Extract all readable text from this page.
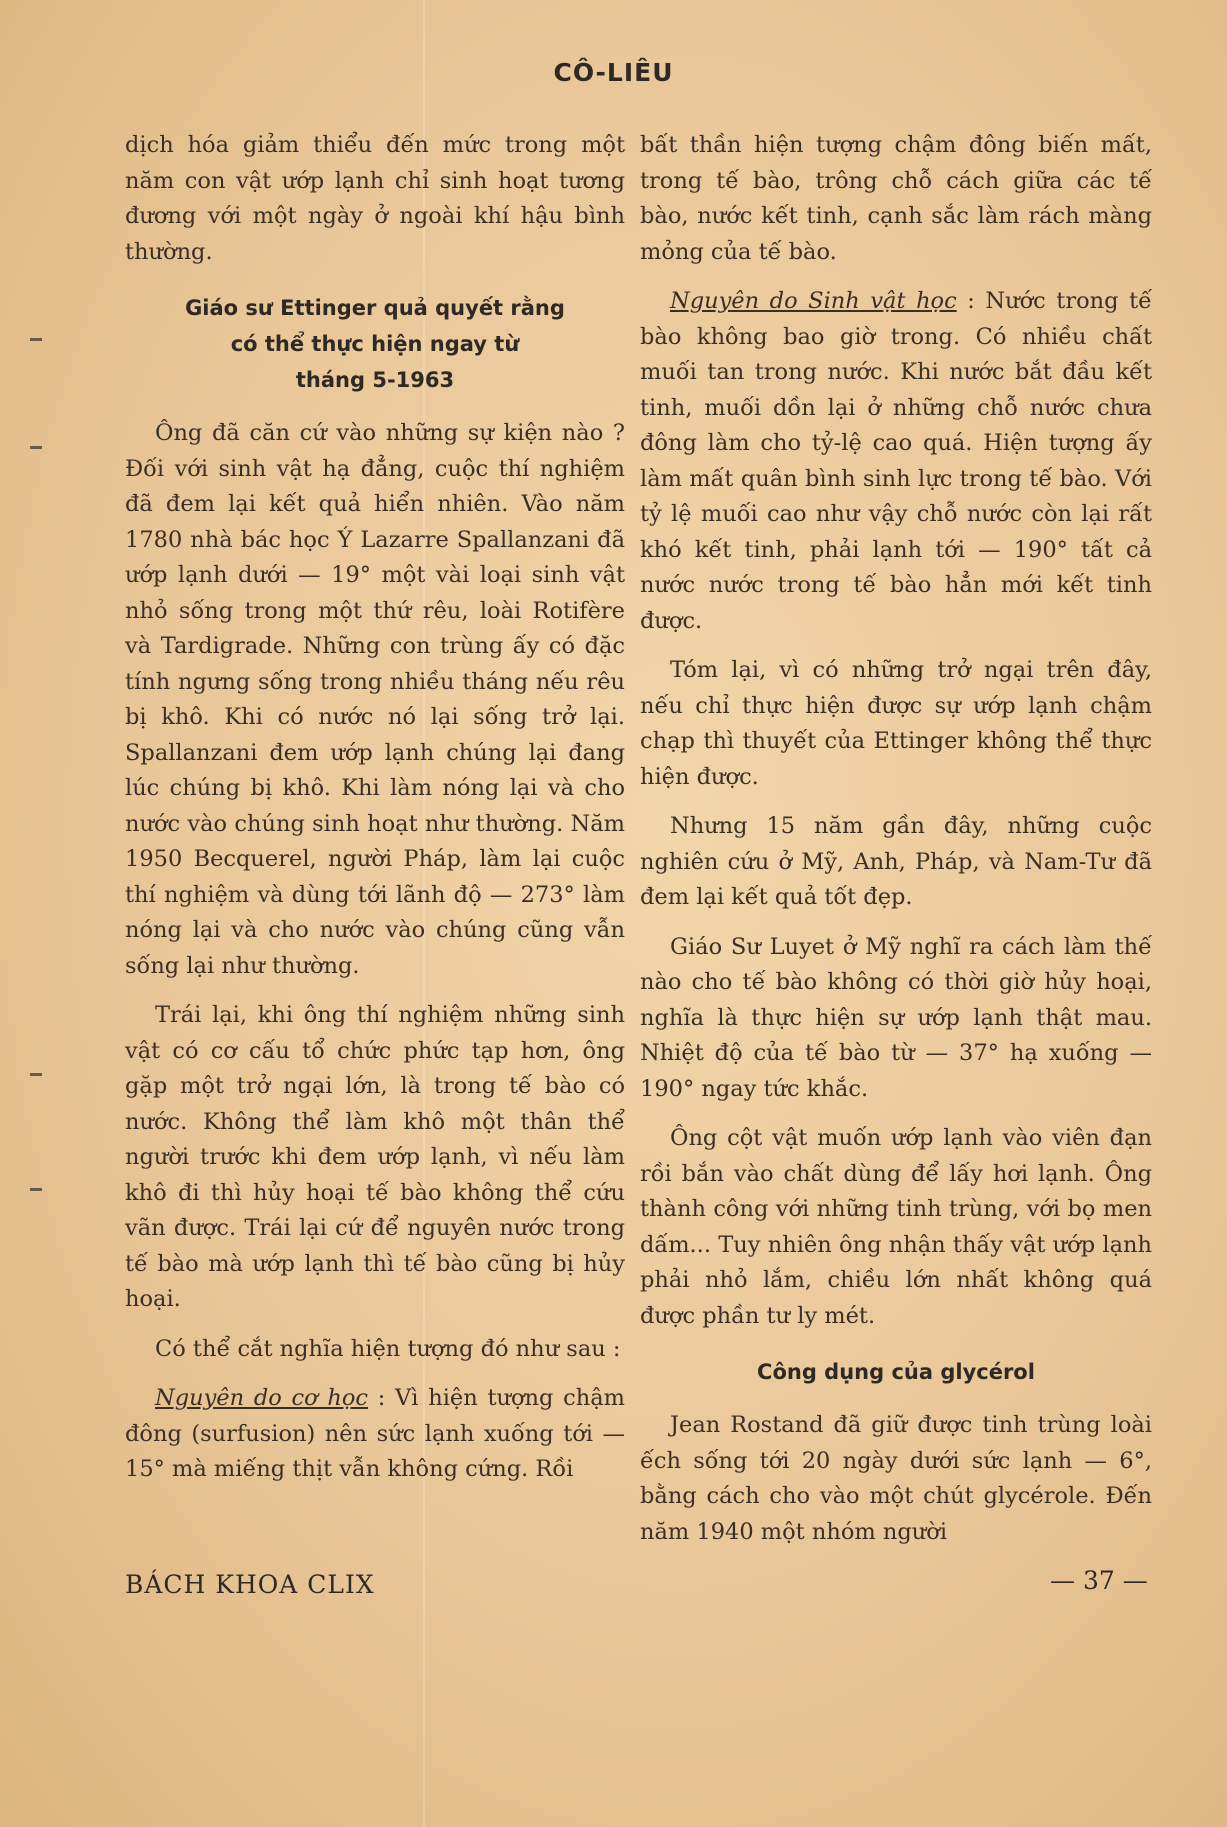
CÔ-LIÊU

dịch hóa giảm thiểu đến mức trong một năm con vật ướp lạnh chỉ sinh hoạt tương đương với một ngày ở ngoài khí hậu bình thường.

Giáo sư Ettinger quả quyết rằng
có thể thực hiện ngay từ
tháng 5-1963

Ông đã căn cứ vào những sự kiện nào ? Đối với sinh vật hạ đẳng, cuộc thí nghiệm đã đem lại kết quả hiển nhiên. Vào năm 1780 nhà bác học Ý Lazarre Spallanzani đã ướp lạnh dưới — 19° một vài loại sinh vật nhỏ sống trong một thứ rêu, loài Rotifère và Tardigrade. Những con trùng ấy có đặc tính ngưng sống trong nhiều tháng nếu rêu bị khô. Khi có nước nó lại sống trở lại. Spallanzani đem ướp lạnh chúng lại đang lúc chúng bị khô. Khi làm nóng lại và cho nước vào chúng sinh hoạt như thường. Năm 1950 Becquerel, người Pháp, làm lại cuộc thí nghiệm và dùng tới lãnh độ — 273° làm nóng lại và cho nước vào chúng cũng vẫn sống lại như thường.

Trái lại, khi ông thí nghiệm những sinh vật có cơ cấu tổ chức phức tạp hơn, ông gặp một trở ngại lớn, là trong tế bào có nước. Không thể làm khô một thân thể người trước khi đem ướp lạnh, vì nếu làm khô đi thì hủy hoại tế bào không thể cứu vãn được. Trái lại cứ để nguyên nước trong tế bào mà ướp lạnh thì tế bào cũng bị hủy hoại.

Có thể cắt nghĩa hiện tượng đó như sau :

Nguyên do cơ học : Vì hiện tượng chậm đông (surfusion) nên sức lạnh xuống tới — 15° mà miếng thịt vẫn không cứng. Rồi

bất thần hiện tượng chậm đông biến mất, trong tế bào, trông chỗ cách giữa các tế bào, nước kết tinh, cạnh sắc làm rách màng mỏng của tế bào.

Nguyên do Sinh vật học : Nước trong tế bào không bao giờ trong. Có nhiều chất muối tan trong nước. Khi nước bắt đầu kết tinh, muối dồn lại ở những chỗ nước chưa đông làm cho tỷ-lệ cao quá. Hiện tượng ấy làm mất quân bình sinh lực trong tế bào. Với tỷ lệ muối cao như vậy chỗ nước còn lại rất khó kết tinh, phải lạnh tới — 190° tất cả nước nước trong tế bào hẳn mới kết tinh được.

Tóm lại, vì có những trở ngại trên đây, nếu chỉ thực hiện được sự ướp lạnh chậm chạp thì thuyết của Ettinger không thể thực hiện được.

Nhưng 15 năm gần đây, những cuộc nghiên cứu ở Mỹ, Anh, Pháp, và Nam-Tư đã đem lại kết quả tốt đẹp.

Giáo Sư Luyet ở Mỹ nghĩ ra cách làm thế nào cho tế bào không có thời giờ hủy hoại, nghĩa là thực hiện sự ướp lạnh thật mau. Nhiệt độ của tế bào từ — 37° hạ xuống — 190° ngay tức khắc.

Ông cột vật muốn ướp lạnh vào viên đạn rồi bắn vào chất dùng để lấy hơi lạnh. Ông thành công với những tinh trùng, với bọ men dấm... Tuy nhiên ông nhận thấy vật ướp lạnh phải nhỏ lắm, chiều lớn nhất không quá được phần tư ly mét.

Công dụng của glycérol

Jean Rostand đã giữ được tinh trùng loài ếch sống tới 20 ngày dưới sức lạnh — 6°, bằng cách cho vào một chút glycérole. Đến năm 1940 một nhóm người

BÁCH KHOA CLIX	— 37 —
